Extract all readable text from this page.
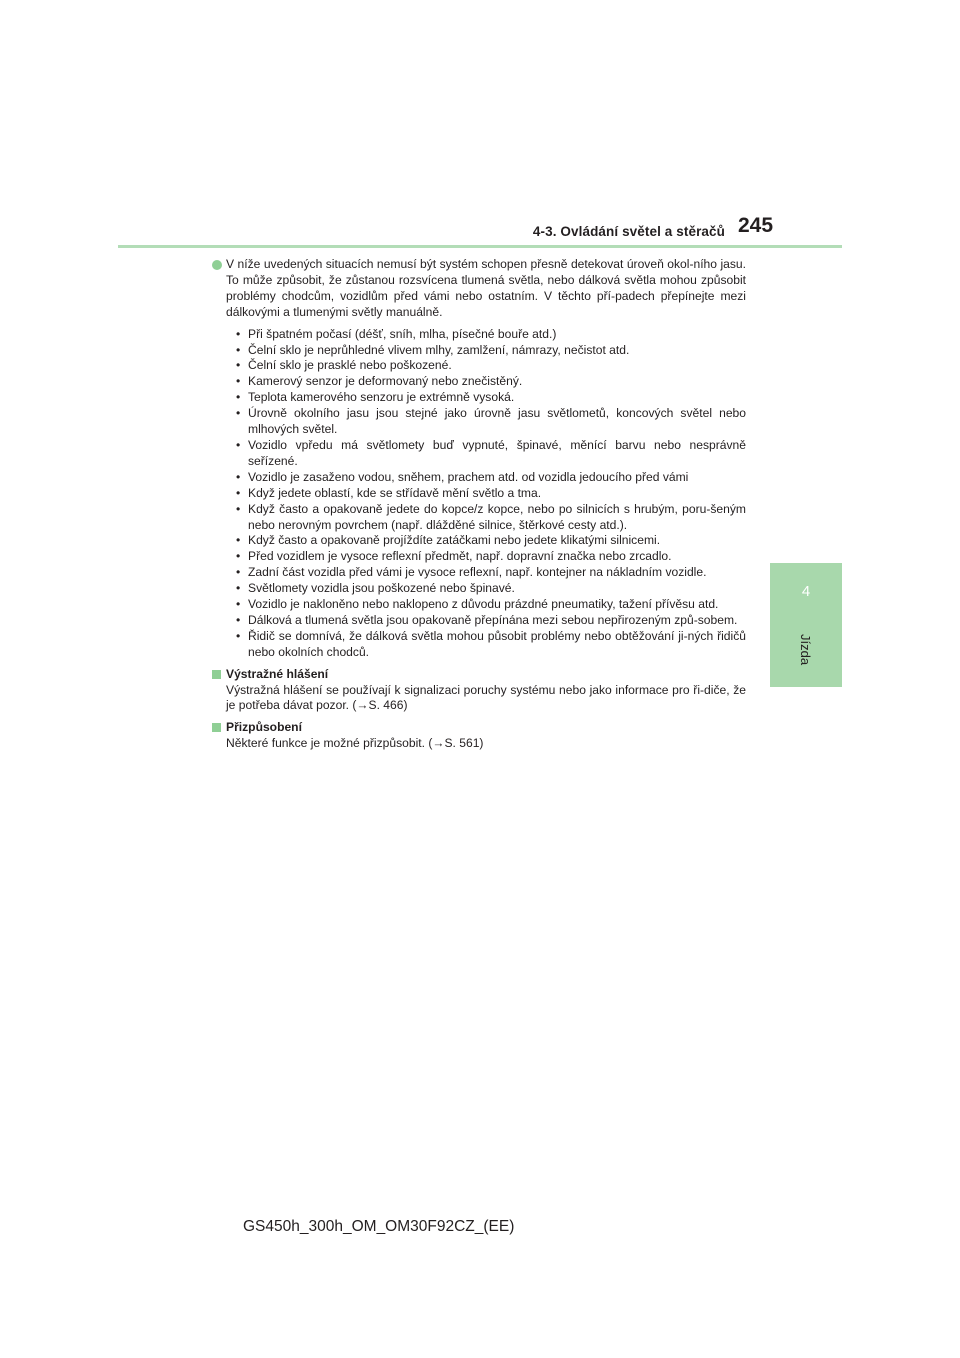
4-3. Ovládání světel a stěračů 245
4
Jízda

V níže uvedených situacích nemusí být systém schopen přesně detekovat úroveň okol-ního jasu. To může způsobit, že zůstanou rozsvícena tlumená světla, nebo dálková světla mohou způsobit problémy chodcům, vozidlům před vámi nebo ostatním. V těchto pří-padech přepínejte mezi dálkovými a tlumenými světly manuálně.

• Při špatném počasí (déšť, sníh, mlha, písečné bouře atd.)
• Čelní sklo je neprůhledné vlivem mlhy, zamlžení, námrazy, nečistot atd.
• Čelní sklo je prasklé nebo poškozené.
• Kamerový senzor je deformovaný nebo znečistěný.
• Teplota kamerového senzoru je extrémně vysoká.
• Úrovně okolního jasu jsou stejné jako úrovně jasu světlometů, koncových světel nebo mlhových světel.
• Vozidlo vpředu má světlomety buď vypnuté, špinavé, měnící barvu nebo nesprávně seřízené.
• Vozidlo je zasaženo vodou, sněhem, prachem atd. od vozidla jedoucího před vámi
• Když jedete oblastí, kde se střídavě mění světlo a tma.
• Když často a opakovaně jedete do kopce/z kopce, nebo po silnicích s hrubým, poru-šeným nebo nerovným povrchem (např. dlážděné silnice, štěrkové cesty atd.).
• Když často a opakovaně projíždíte zatáčkami nebo jedete klikatými silnicemi.
• Před vozidlem je vysoce reflexní předmět, např. dopravní značka nebo zrcadlo.
• Zadní část vozidla před vámi je vysoce reflexní, např. kontejner na nákladním vozidle.
• Světlomety vozidla jsou poškozené nebo špinavé.
• Vozidlo je nakloněno nebo naklopeno z důvodu prázdné pneumatiky, tažení přívěsu atd.
• Dálková a tlumená světla jsou opakovaně přepínána mezi sebou nepřirozeným způ-sobem.
• Řidič se domnívá, že dálková světla mohou působit problémy nebo obtěžování ji-ných řidičů nebo okolních chodců.

Výstražné hlášení

Výstražná hlášení se používají k signalizaci poruchy systému nebo jako informace pro ři-diče, že je potřeba dávat pozor. (→S. 466)

Přizpůsobení

Některé funkce je možné přizpůsobit. (→S. 561)

GS450h_300h_OM_OM30F92CZ_(EE)
